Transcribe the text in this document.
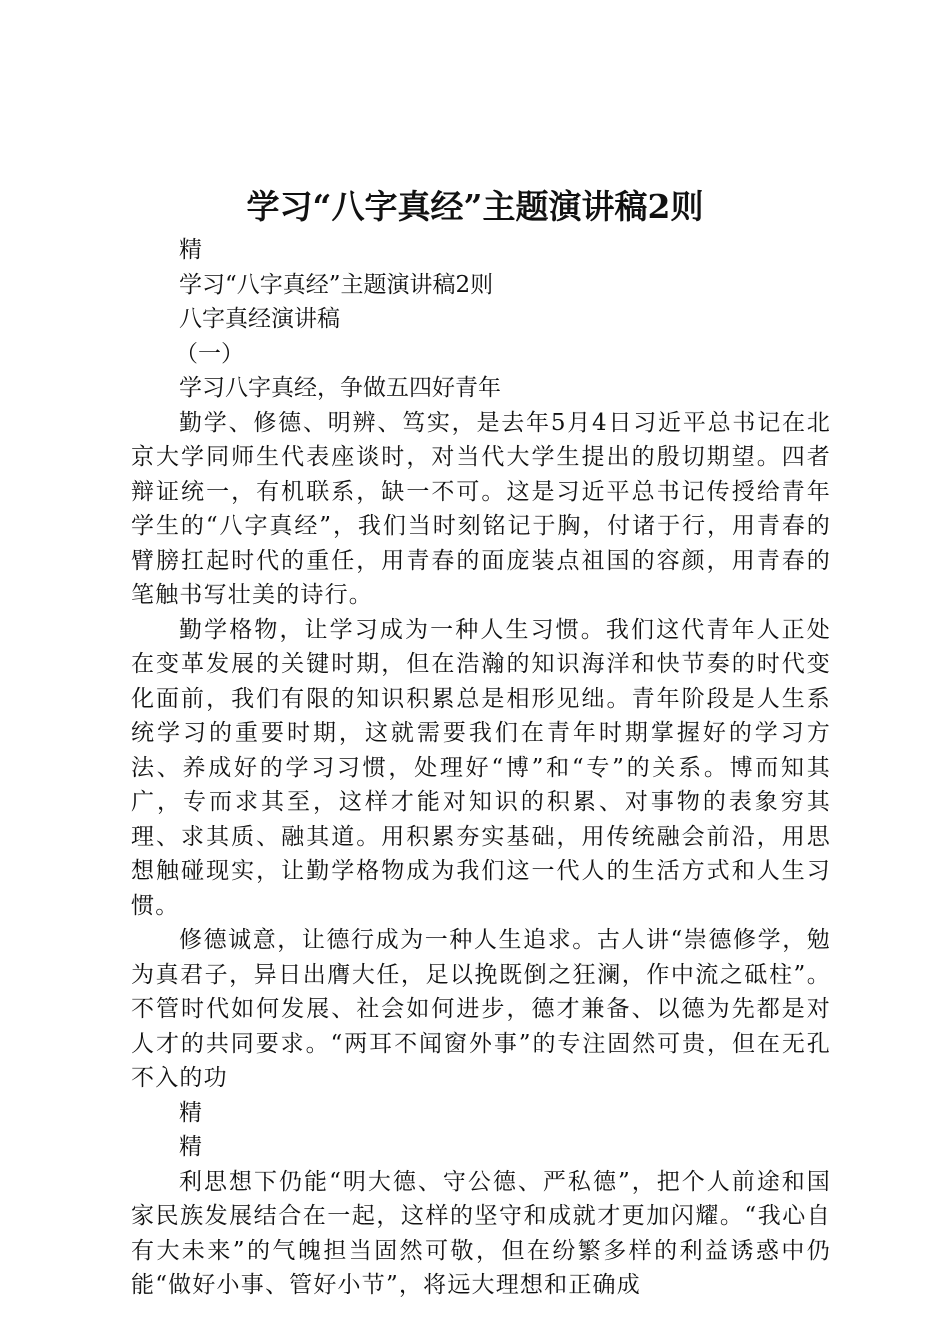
学习“八字真经”主题演讲稿2则

精

学习“八字真经”主题演讲稿2则

八字真经演讲稿

（一）

学习八字真经，争做五四好青年

勤学、修德、明辨、笃实，是去年5月4日习近平总书记在北京大学同师生代表座谈时，对当代大学生提出的殷切期望。四者辩证统一，有机联系，缺一不可。这是习近平总书记传授给青年学生的“八字真经”，我们当时刻铭记于胸，付诸于行，用青春的臂膀扛起时代的重任，用青春的面庞装点祖国的容颜，用青春的笔触书写壮美的诗行。

勤学格物，让学习成为一种人生习惯。我们这代青年人正处在变革发展的关键时期，但在浩瀚的知识海洋和快节奏的时代变化面前，我们有限的知识积累总是相形见绌。青年阶段是人生系统学习的重要时期，这就需要我们在青年时期掌握好的学习方法、养成好的学习习惯，处理好“博”和“专”的关系。博而知其广，专而求其至，这样才能对知识的积累、对事物的表象穷其理、求其质、融其道。用积累夯实基础，用传统融会前沿，用思想触碰现实，让勤学格物成为我们这一代人的生活方式和人生习惯。

修德诚意，让德行成为一种人生追求。古人讲“崇德修学，勉为真君子，异日出膺大任，足以挽既倒之狂澜，作中流之砥柱”。不管时代如何发展、社会如何进步，德才兼备、以德为先都是对人才的共同要求。“两耳不闻窗外事”的专注固然可贵，但在无孔不入的功

精

精

利思想下仍能“明大德、守公德、严私德”，把个人前途和国家民族发展结合在一起，这样的坚守和成就才更加闪耀。“我心自有大未来”的气魄担当固然可敬，但在纷繁多样的利益诱惑中仍能“做好小事、管好小节”，将远大理想和正确成
